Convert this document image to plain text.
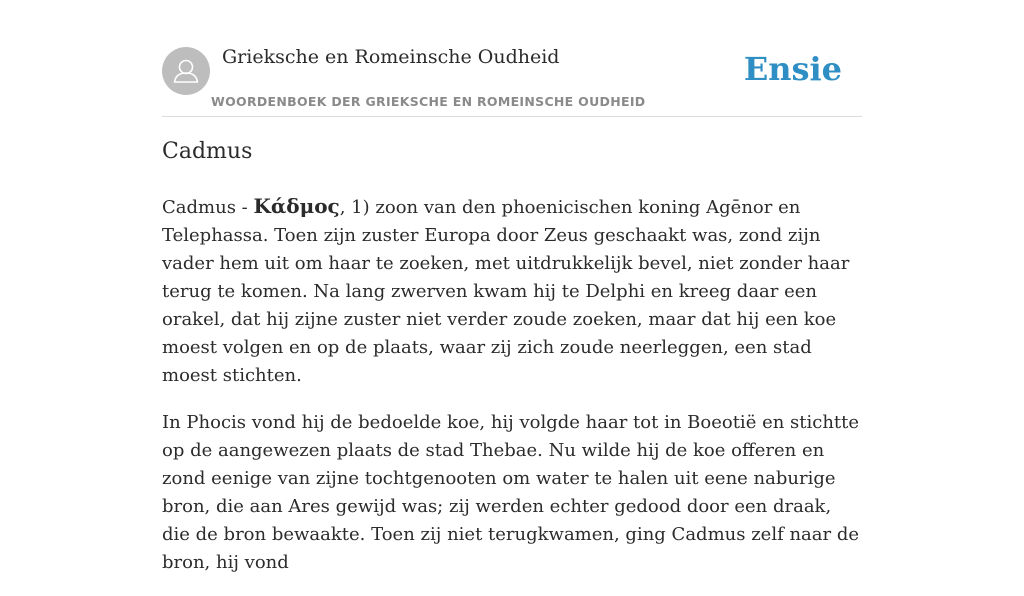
Grieksche en Romeinsche Oudheid
WOORDENBOEK DER GRIEKSCHE EN ROMEINSCHE OUDHEID
Ensie
Cadmus

Cadmus - Κάδμος, 1) zoon van den phoenicischen koning Agēnor en Telephassa. Toen zijn zuster Europa door Zeus geschaakt was, zond zijn vader hem uit om haar te zoeken, met uitdrukkelijk bevel, niet zonder haar terug te komen. Na lang zwerven kwam hij te Delphi en kreeg daar een orakel, dat hij zijne zuster niet verder zoude zoeken, maar dat hij een koe moest volgen en op de plaats, waar zij zich zoude neerleggen, een stad moest stichten.

In Phocis vond hij de bedoelde koe, hij volgde haar tot in Boeotië en stichtte op de aangewezen plaats de stad Thebae. Nu wilde hij de koe offeren en zond eenige van zijne tochtgenooten om water te halen uit eene naburige bron, die aan Ares gewijd was; zij werden echter gedood door een draak, die de bron bewaakte. Toen zij niet terugkwamen, ging Cadmus zelf naar de bron, hij vond
